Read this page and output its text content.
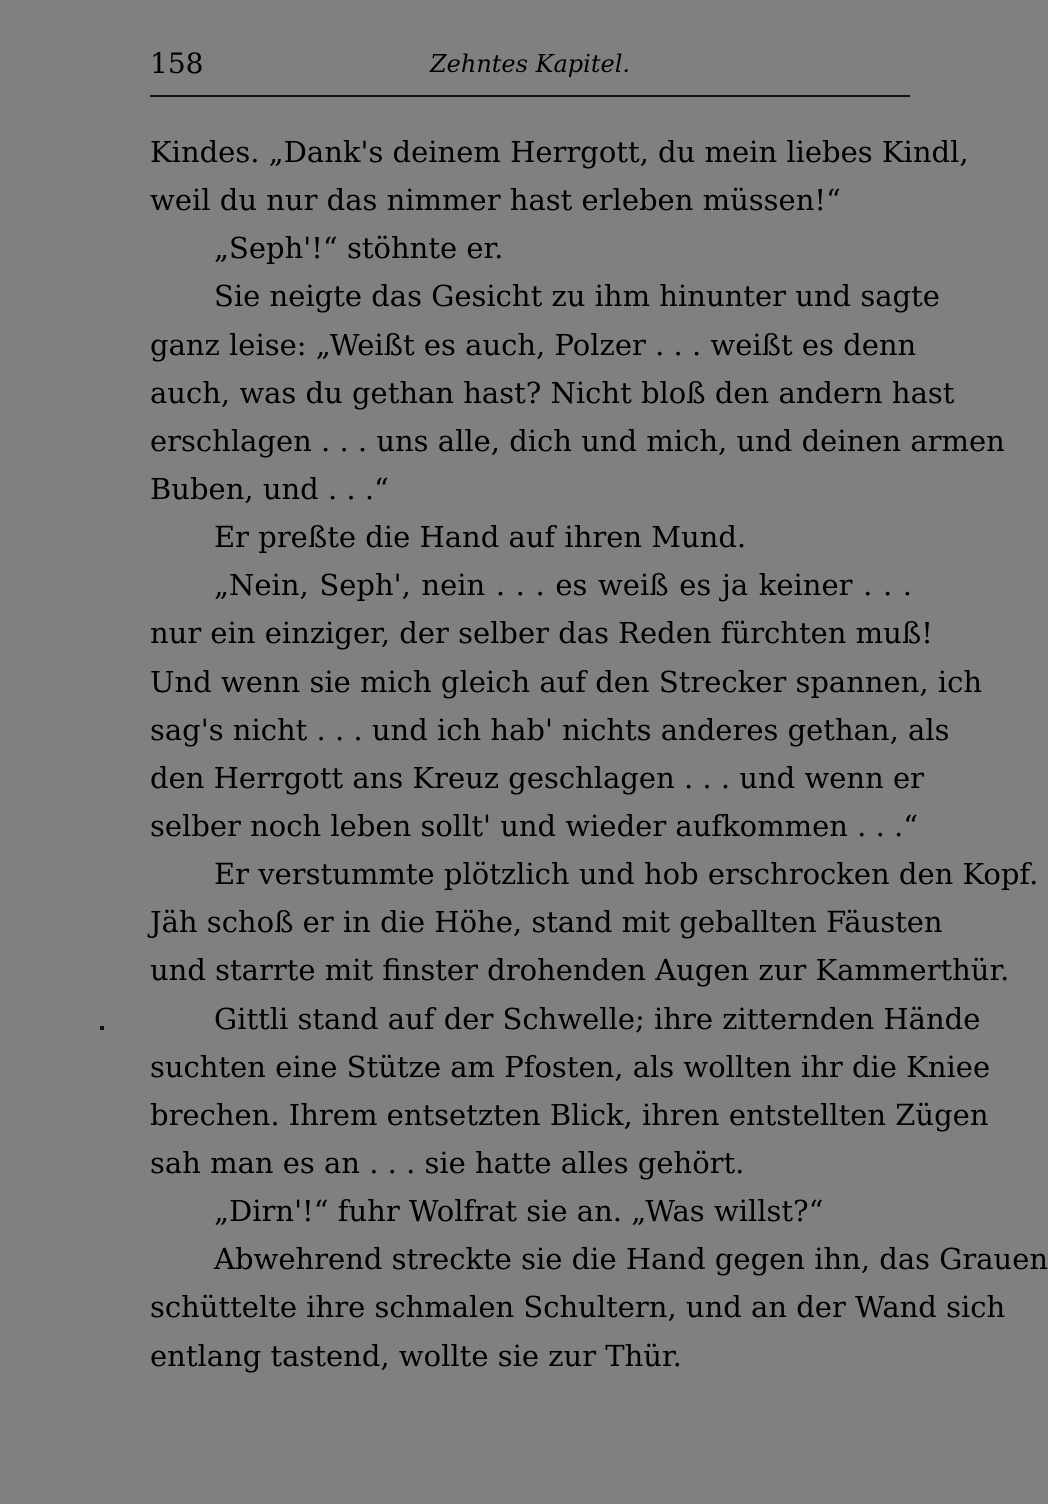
158	Zehntes Kapitel.
Kindes. „Dank's deinem Herrgott, du mein liebes Kindl,
weil du nur das nimmer hast erleben müssen!“
„Seph'!“ stöhnte er.
Sie neigte das Gesicht zu ihm hinunter und sagte
ganz leise: „Weißt es auch, Polzer . . . weißt es denn
auch, was du gethan hast? Nicht bloß den andern hast
erschlagen . . . uns alle, dich und mich, und deinen armen
Buben, und . . .“
Er preßte die Hand auf ihren Mund.
„Nein, Seph', nein . . . es weiß es ja keiner . . .
nur ein einziger, der selber das Reden fürchten muß!
Und wenn sie mich gleich auf den Strecker spannen, ich
sag's nicht . . . und ich hab' nichts anderes gethan, als
den Herrgott ans Kreuz geschlagen . . . und wenn er
selber noch leben sollt' und wieder aufkommen . . .“
Er verstummte plötzlich und hob erschrocken den Kopf.
Jäh schoß er in die Höhe, stand mit geballten Fäusten
und starrte mit finster drohenden Augen zur Kammerthür.
Gittli stand auf der Schwelle; ihre zitternden Hände
suchten eine Stütze am Pfosten, als wollten ihr die Kniee
brechen. Ihrem entsetzten Blick, ihren entstellten Zügen
sah man es an . . . sie hatte alles gehört.
„Dirn'!“ fuhr Wolfrat sie an. „Was willst?“
Abwehrend streckte sie die Hand gegen ihn, das Grauen
schüttelte ihre schmalen Schultern, und an der Wand sich
entlang tastend, wollte sie zur Thür.
